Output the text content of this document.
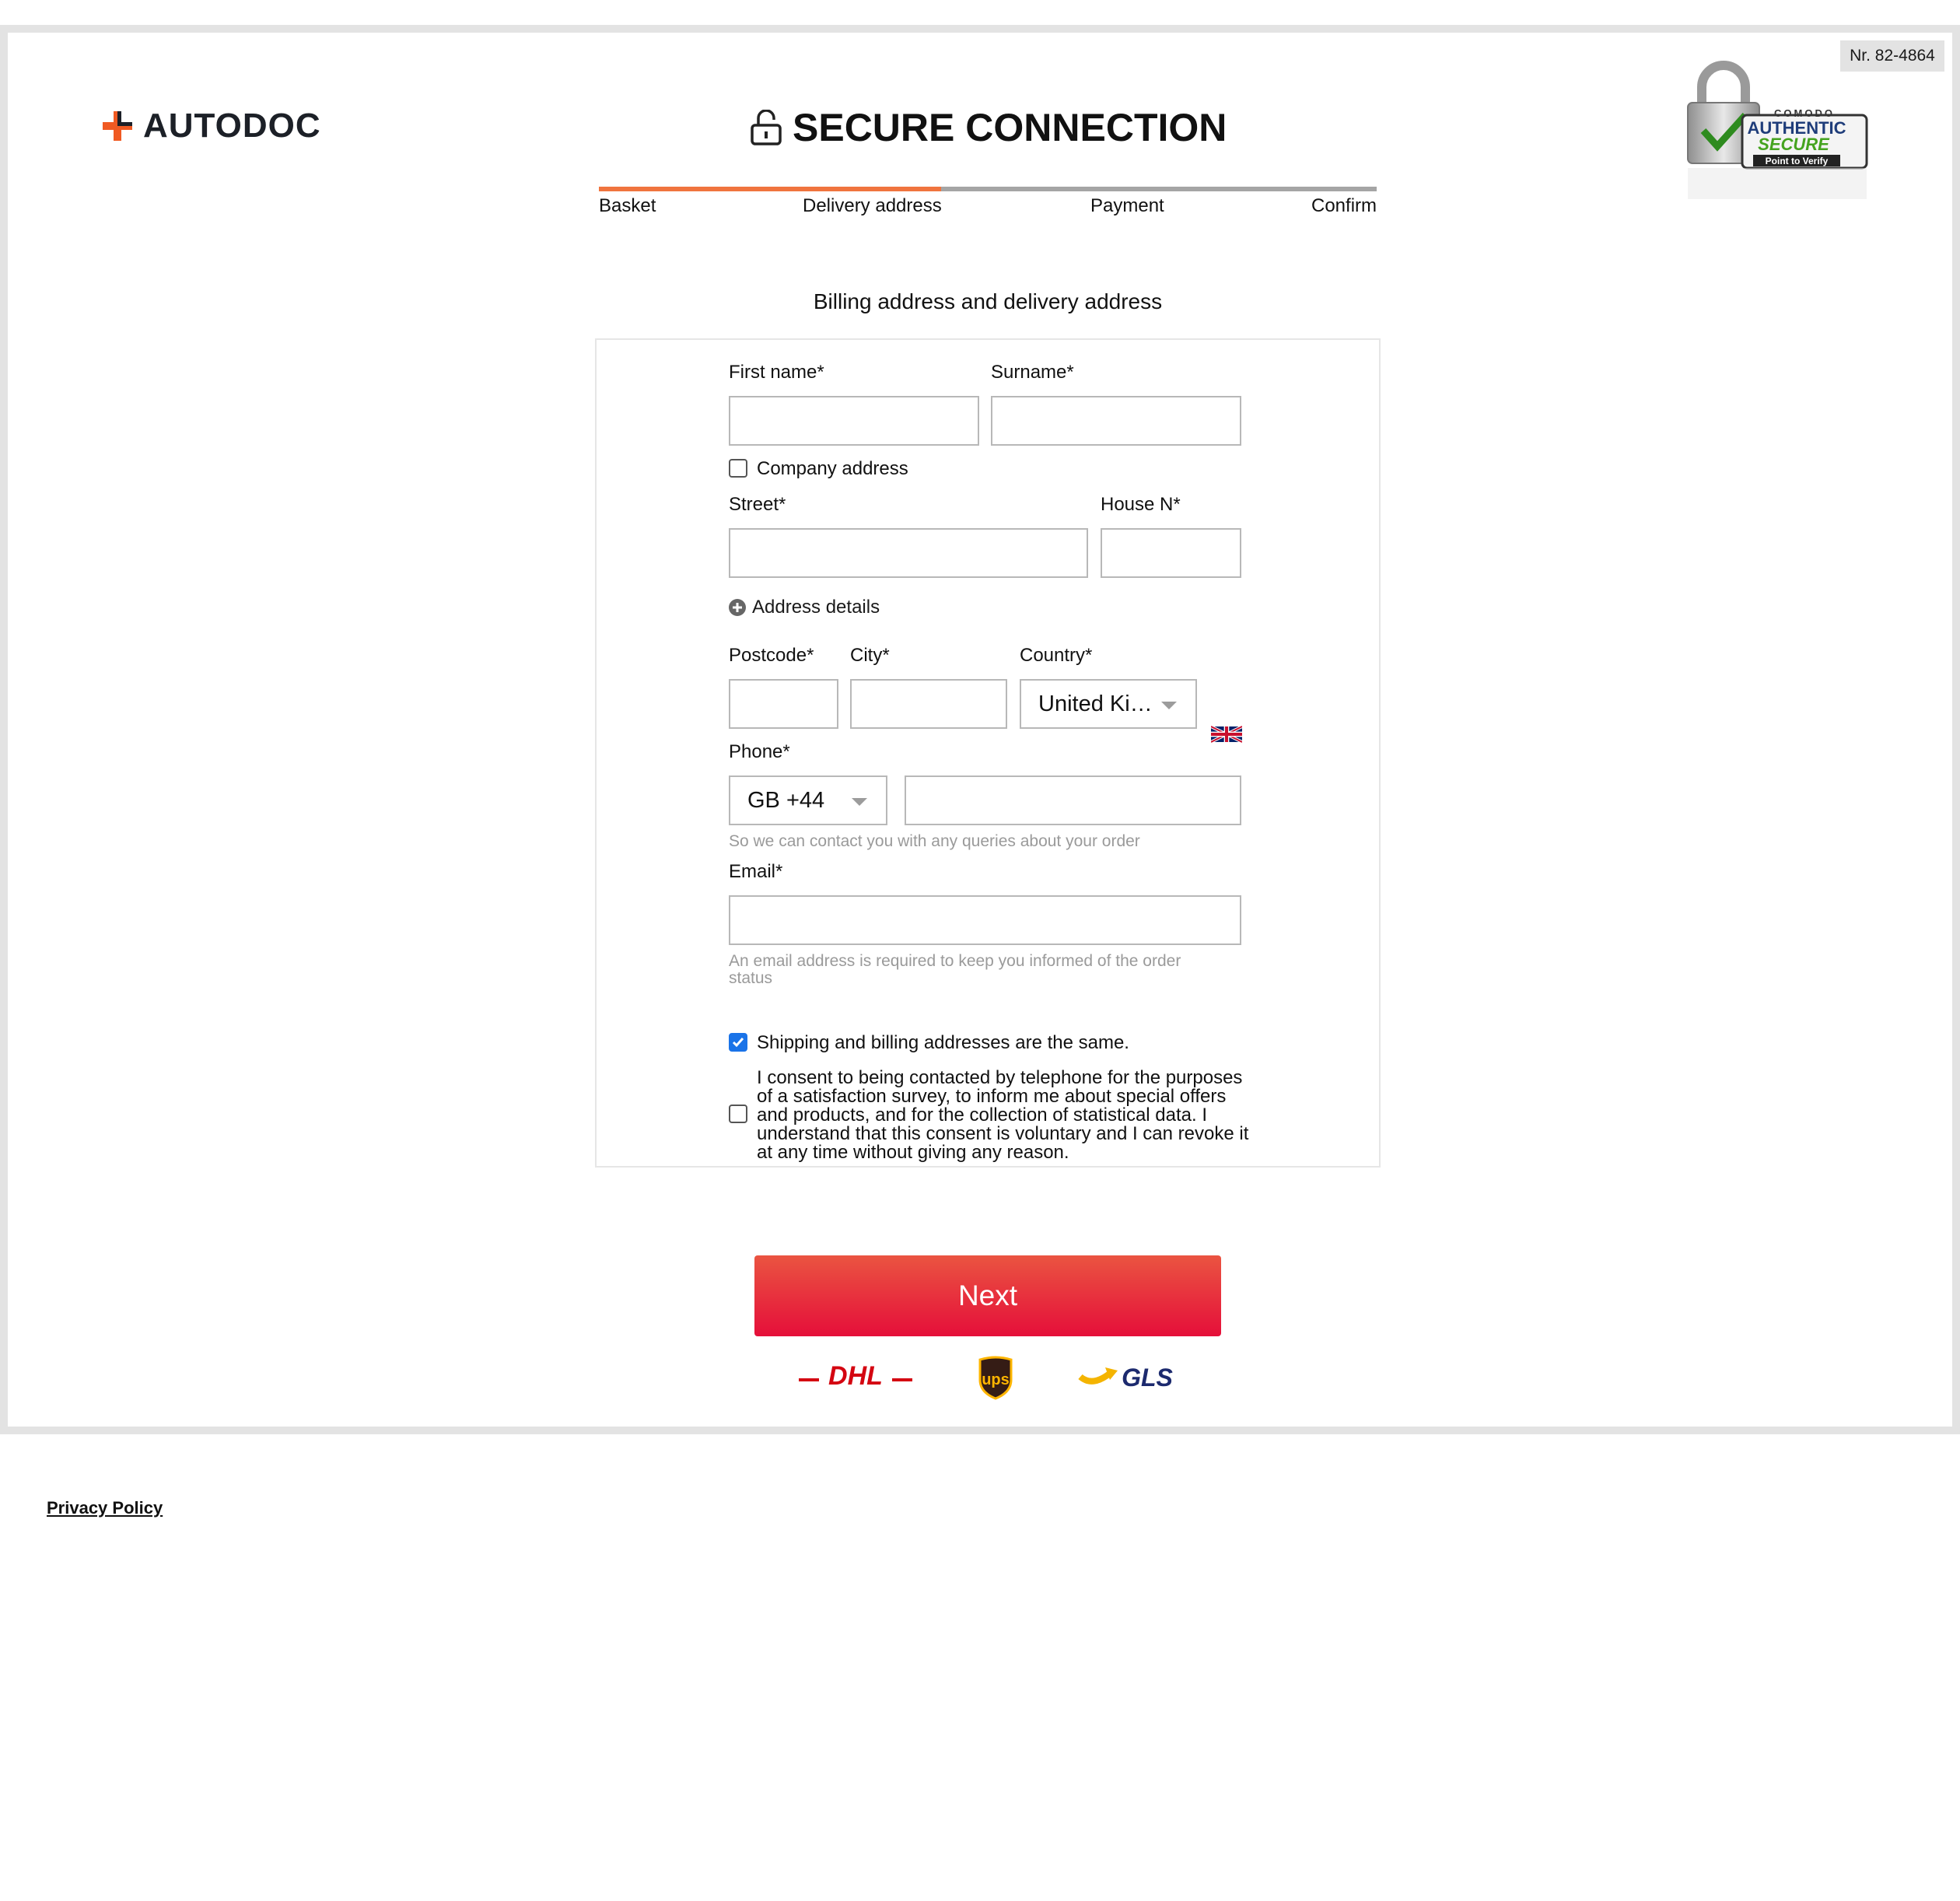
Nr. 82-4864
AUTODOC	SECURE CONNECTION	COMODO
AUTHENTIC
SECURE
Point to Verify
Basket	Delivery address	Payment	Confirm
Billing address and delivery address
First name*	Surname*
Company address
Street*	House N*
Address details
Postcode* City*	Country*
United Ki…
Phone*
GB +44
So we can contact you with any queries about your order
Email*
An email address is required to keep you informed of the order status
Shipping and billing addresses are the same.
I consent to being contacted by telephone for the purposes of a satisfaction survey, to inform me about special offers and products, and for the collection of statistical data. I understand that this consent is voluntary and I can revoke it at any time without giving any reason.
Next
DHL	ups	GLS
Privacy Policy
